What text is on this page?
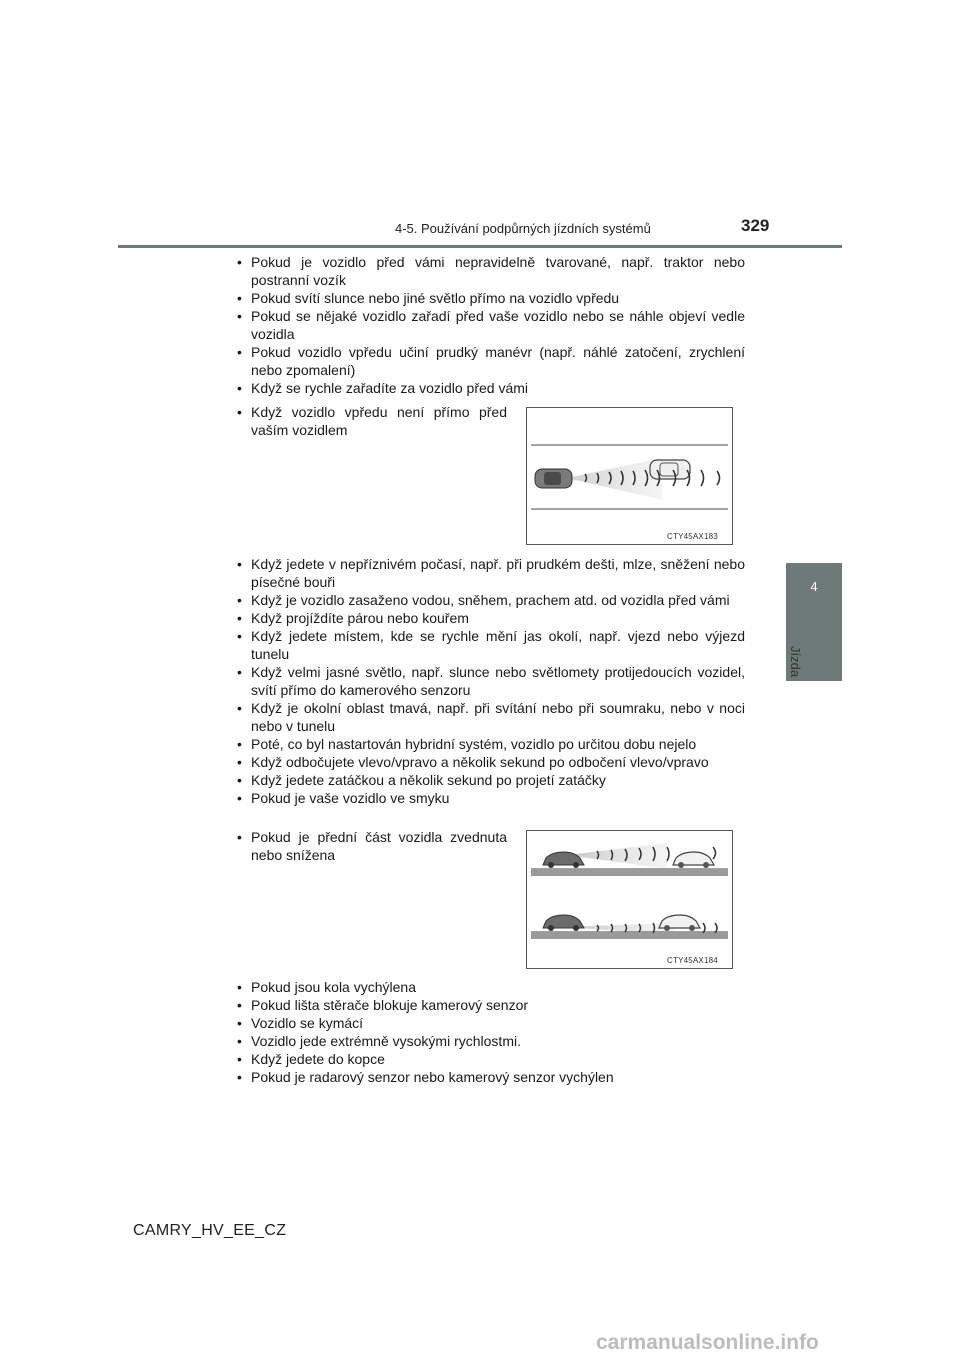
4-5. Používání podpůrných jízdních systémů	329
4
Jízda
• Pokud je vozidlo před vámi nepravidelně tvarované, např. traktor nebo postranní vozík
• Pokud svítí slunce nebo jiné světlo přímo na vozidlo vpředu
• Pokud se nějaké vozidlo zařadí před vaše vozidlo nebo se náhle objeví vedle vozidla
• Pokud vozidlo vpředu učiní prudký manévr (např. náhlé zatočení, zrychlení nebo zpomalení)
• Když se rychle zařadíte za vozidlo před vámi
• Když vozidlo vpředu není přímo před vaším vozidlem
CTY45AX183
• Když jedete v nepříznivém počasí, např. při prudkém dešti, mlze, sněžení nebo písečné bouři
• Když je vozidlo zasaženo vodou, sněhem, prachem atd. od vozidla před vámi
• Když projíždíte párou nebo kouřem
• Když jedete místem, kde se rychle mění jas okolí, např. vjezd nebo výjezd tunelu
• Když velmi jasné světlo, např. slunce nebo světlomety protijedoucích vozidel, svítí přímo do kamerového senzoru
• Když je okolní oblast tmavá, např. při svítání nebo při soumraku, nebo v noci nebo v tunelu
• Poté, co byl nastartován hybridní systém, vozidlo po určitou dobu nejelo
• Když odbočujete vlevo/vpravo a několik sekund po odbočení vlevo/vpravo
• Když jedete zatáčkou a několik sekund po projetí zatáčky
• Pokud je vaše vozidlo ve smyku
• Pokud je přední část vozidla zvednuta nebo snížena
CTY45AX184
• Pokud jsou kola vychýlena
• Pokud lišta stěrače blokuje kamerový senzor
• Vozidlo se kymácí
• Vozidlo jede extrémně vysokými rychlostmi.
• Když jedete do kopce
• Pokud je radarový senzor nebo kamerový senzor vychýlen
CAMRY_HV_EE_CZ
carmanualsonline.info
